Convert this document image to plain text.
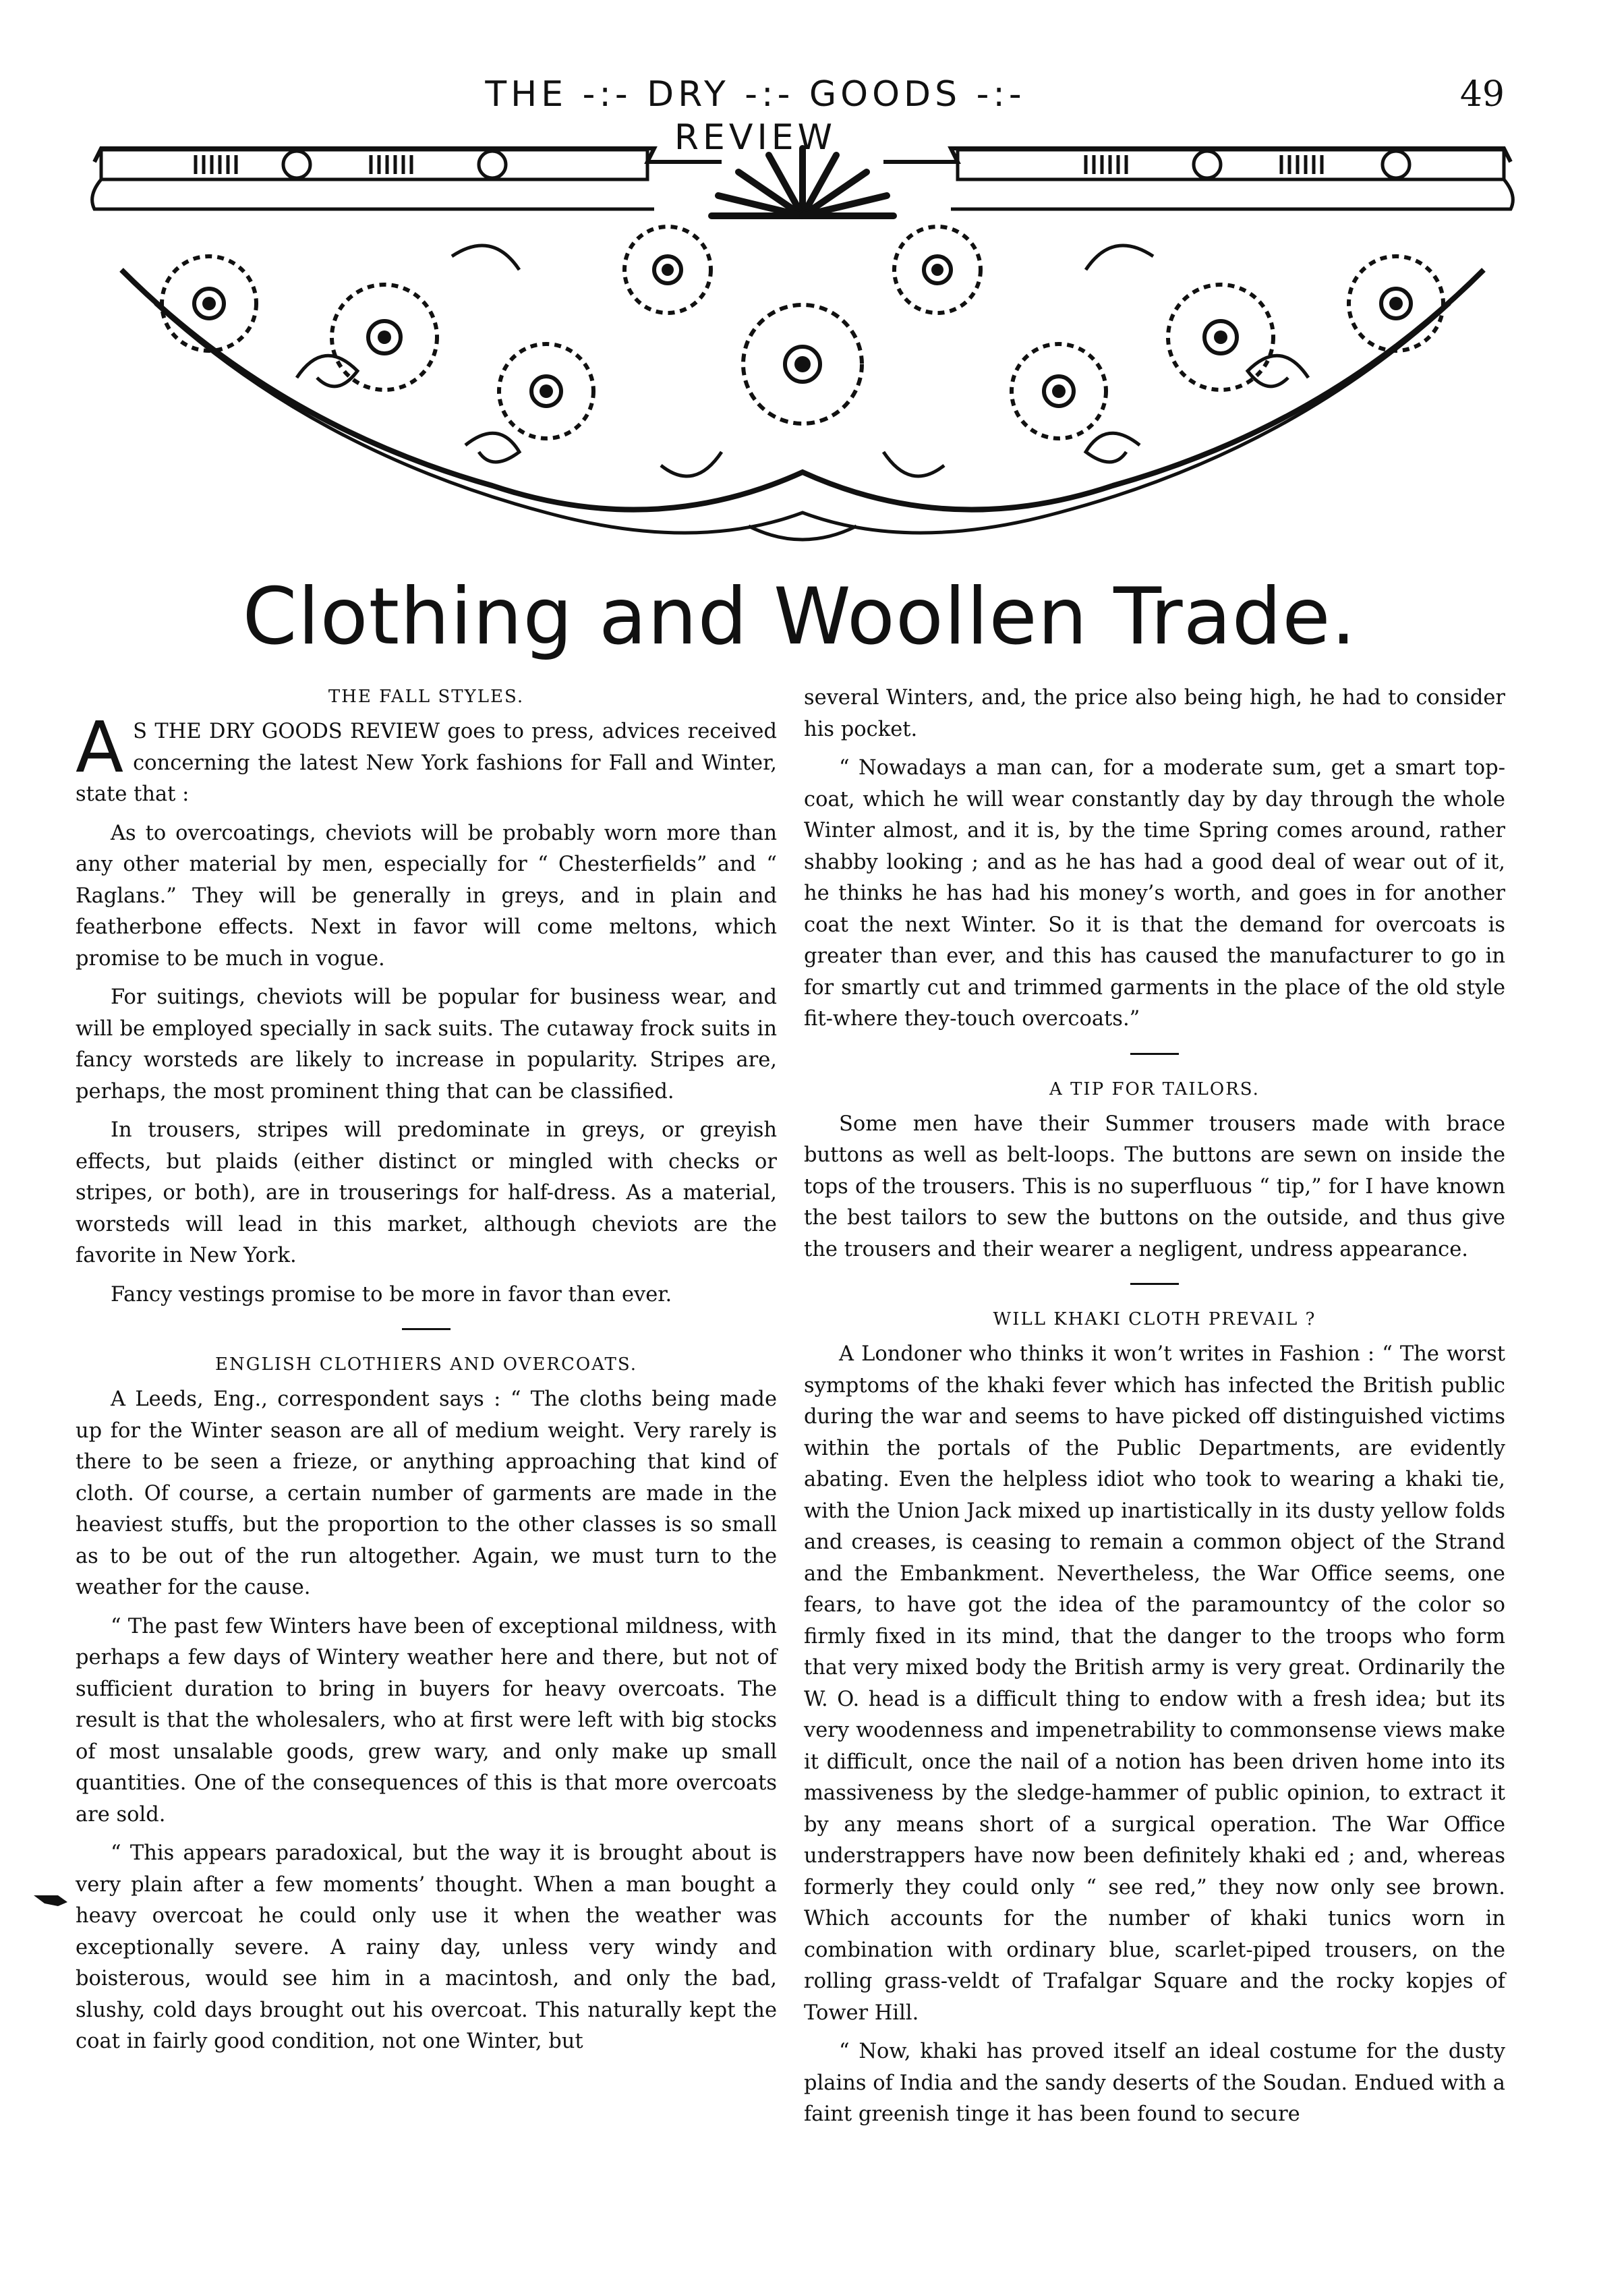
THE -:- DRY -:- GOODS -:- REVIEW
49
Clothing and Woollen Trade.
THE FALL STYLES.

A S THE DRY GOODS REVIEW goes to press, advices received concerning the latest New York fashions for Fall and Winter, state that :

As to overcoatings, cheviots will be probably worn more than any other material by men, especially for “ Chesterfields” and “ Raglans.” They will be generally in greys, and in plain and featherbone effects. Next in favor will come meltons, which promise to be much in vogue.

For suitings, cheviots will be popular for business wear, and will be employed specially in sack suits. The cutaway frock suits in fancy worsteds are likely to increase in popularity. Stripes are, perhaps, the most prominent thing that can be classified.

In trousers, stripes will predominate in greys, or greyish effects, but plaids (either distinct or mingled with checks or stripes, or both), are in trouserings for half-dress. As a material, worsteds will lead in this market, although cheviots are the favorite in New York.

Fancy vestings promise to be more in favor than ever.

ENGLISH CLOTHIERS AND OVERCOATS.

A Leeds, Eng., correspondent says : “ The cloths being made up for the Winter season are all of medium weight. Very rarely is there to be seen a frieze, or anything approaching that kind of cloth. Of course, a certain number of garments are made in the heaviest stuffs, but the proportion to the other classes is so small as to be out of the run altogether. Again, we must turn to the weather for the cause.

“ The past few Winters have been of exceptional mildness, with perhaps a few days of Wintery weather here and there, but not of sufficient duration to bring in buyers for heavy overcoats. The result is that the wholesalers, who at first were left with big stocks of most unsalable goods, grew wary, and only make up small quantities. One of the consequences of this is that more overcoats are sold.

“ This appears paradoxical, but the way it is brought about is very plain after a few moments’ thought. When a man bought a heavy overcoat he could only use it when the weather was exceptionally severe. A rainy day, unless very windy and boisterous, would see him in a macintosh, and only the bad, slushy, cold days brought out his overcoat. This naturally kept the coat in fairly good condition, not one Winter, but

several Winters, and, the price also being high, he had to consider his pocket.

“ Nowadays a man can, for a moderate sum, get a smart top-coat, which he will wear constantly day by day through the whole Winter almost, and it is, by the time Spring comes around, rather shabby looking ; and as he has had a good deal of wear out of it, he thinks he has had his money’s worth, and goes in for another coat the next Winter. So it is that the demand for overcoats is greater than ever, and this has caused the manufacturer to go in for smartly cut and trimmed garments in the place of the old style fit-where they-touch overcoats.”

A TIP FOR TAILORS.

Some men have their Summer trousers made with brace buttons as well as belt-loops. The buttons are sewn on inside the tops of the trousers. This is no superfluous “ tip,” for I have known the best tailors to sew the buttons on the outside, and thus give the trousers and their wearer a negligent, undress appearance.

WILL KHAKI CLOTH PREVAIL ?

A Londoner who thinks it won’t writes in Fashion : “ The worst symptoms of the khaki fever which has infected the British public during the war and seems to have picked off distinguished victims within the portals of the Public Departments, are evidently abating. Even the helpless idiot who took to wearing a khaki tie, with the Union Jack mixed up inartistically in its dusty yellow folds and creases, is ceasing to remain a common object of the Strand and the Embankment. Nevertheless, the War Office seems, one fears, to have got the idea of the paramountcy of the color so firmly fixed in its mind, that the danger to the troops who form that very mixed body the British army is very great. Ordinarily the W. O. head is a difficult thing to endow with a fresh idea; but its very woodenness and impenetrability to commonsense views make it difficult, once the nail of a notion has been driven home into its massiveness by the sledge-hammer of public opinion, to extract it by any means short of a surgical operation. The War Office understrappers have now been definitely khaki ed ; and, whereas formerly they could only “ see red,” they now only see brown. Which accounts for the number of khaki tunics worn in combination with ordinary blue, scarlet-piped trousers, on the rolling grass-veldt of Trafalgar Square and the rocky kopjes of Tower Hill.

“ Now, khaki has proved itself an ideal costume for the dusty plains of India and the sandy deserts of the Soudan. Endued with a faint greenish tinge it has been found to secure
